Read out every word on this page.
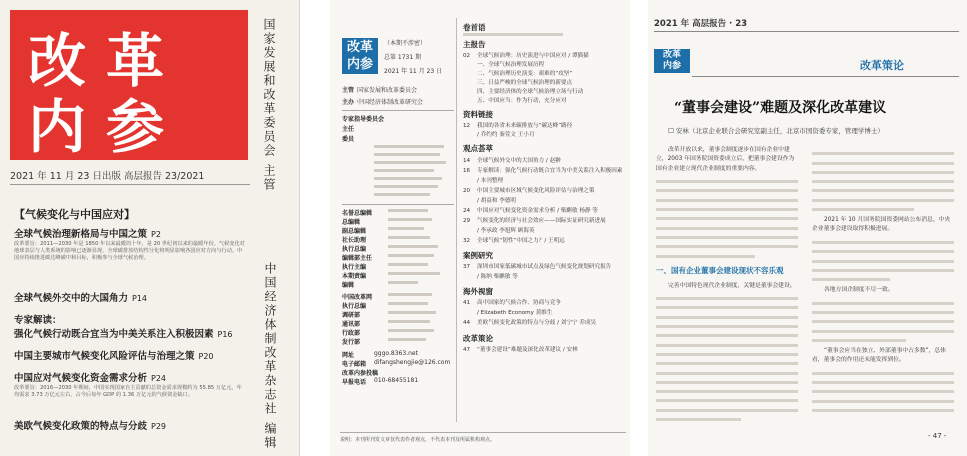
改革
内参	国家发展和改革委员会 主管
中国经济体制改革杂志社 编辑
2021 年 11 月 23 日出版 高层报告 23/2021
【气候变化与中国应对】
全球气候治理新格局与中国之策 P2
改革要旨：2011—2030 年是 1850 年以来最暖的十年，是 20 世纪初以来的最暖年份。气候变化对地球表层与人类系统的影响已逐渐显现，全球碳排放结构性分化将明显影响各国应对方向与行动。中国应持续推进碳达峰碳中和目标，积极参与全球气候治理。
全球气候外交中的大国角力 P14
专家解读：
强化气候行动既合宜当为中美关系注入积极因素 P16
中国主要城市气候变化风险评估与治理之策 P20
中国应对气候变化资金需求分析 P24
改革要旨：2016—2030 年期间，中国实现国家自主贡献的总资金需求规模约为 55.85 万亿元，年均需求 3.73 万亿元左右，占今后每年 GDP 的 1.36 万亿元的气候资金缺口。
美欧气候变化政策的特点与分歧 P29
改革
内参
（本期不涉密）
总第 1731 期
2021 年 11 月 23 日
主管 国家发展和改革委员会
主办 中国经济体制改革研究会
专家指导委员会
主任
委员
名誉总编辑
总编辑
副总编辑
社长助理
执行总编
编辑部主任
执行主编
本期责编
编辑
中国改革网
执行总编
调研部
通讯部
行政部
发行部
网址	gggo.8363.net
电子邮箱 difangshengjie@126.com
改革内参投稿
早报电话 010-68455181
卷首语
主报告
02 全球气候治理：历史演进与中国应对 / 谭猫猫
一、全球气候治理发展历程
二、气候治理历史演变：艰难的“攻坚”
三、日益严峻的全球气候治理的新要点
四、主要经济体的全球气候治理立场与行动
五、中国应当：作为行动，充分应对
资料链接
12 我国的各省未来碳排放与“碳达峰”路径
/ 乔约约 秦萱文 王小月
观点荟萃
14 全球气候外交中的大国角力 / 赵翀
16 专家解读：强化气候行动既合宜当为中美关系注入积极因素
/ 本刊整理
20 中国主要城市区域气候变化风险评估与治理之策
/ 胡益和 李德明
24 中国应对气候变化资金需求分析 / 柴麒敏 杨静 等
29 气候变化的经济与社会效应——国际实证研究新进展
/ 李承政 李旭辉 顾海英
32 全球气候“韧性”中国之力？/ 王明远
案例研究
37 深圳市国家低碳城市试点及绿色气候变化规划研究报告
/ 陈纳 柴麒敏 等
海外视窗
41 高中国家的气候合作、协商与竞争
/ Elizabeth Economy 黄维生
44 美欧气候变化政策的特点与分歧 / 刘宁宁 乔成吴
改革策论
47 “董事会建设”难题及深化改革建议 / 安林
说明：本刊所刊发文章仅代表作者观点，不代表本刊及所属机构观点。
2021 年 高层报告 · 23
改革
内参	改革策论
“董事会建设”难题及深化改革建议
☐ 安林（北京企业联合会研究室副主任，北京市国资委专家，管理学博士）
改革开放以来，董事会制度逐步在国有企业中建立，2003 年国务院国资委成立后，把董事会建设作为国有企业建立现代企业制度的重要内容。
一、国有企业董事会建设现状不容乐观
完善中国特色现代企业制度，关键是董事会建设。
2021 年 10 月国务院国资委网站公布消息，中央企业董事会建设取得积极进展。
各地方国企制度不尽一致。
“董事会应当在独立、外部董事中占多数”，总体看，董事会的作用还未能发挥到位。
- 47 -
